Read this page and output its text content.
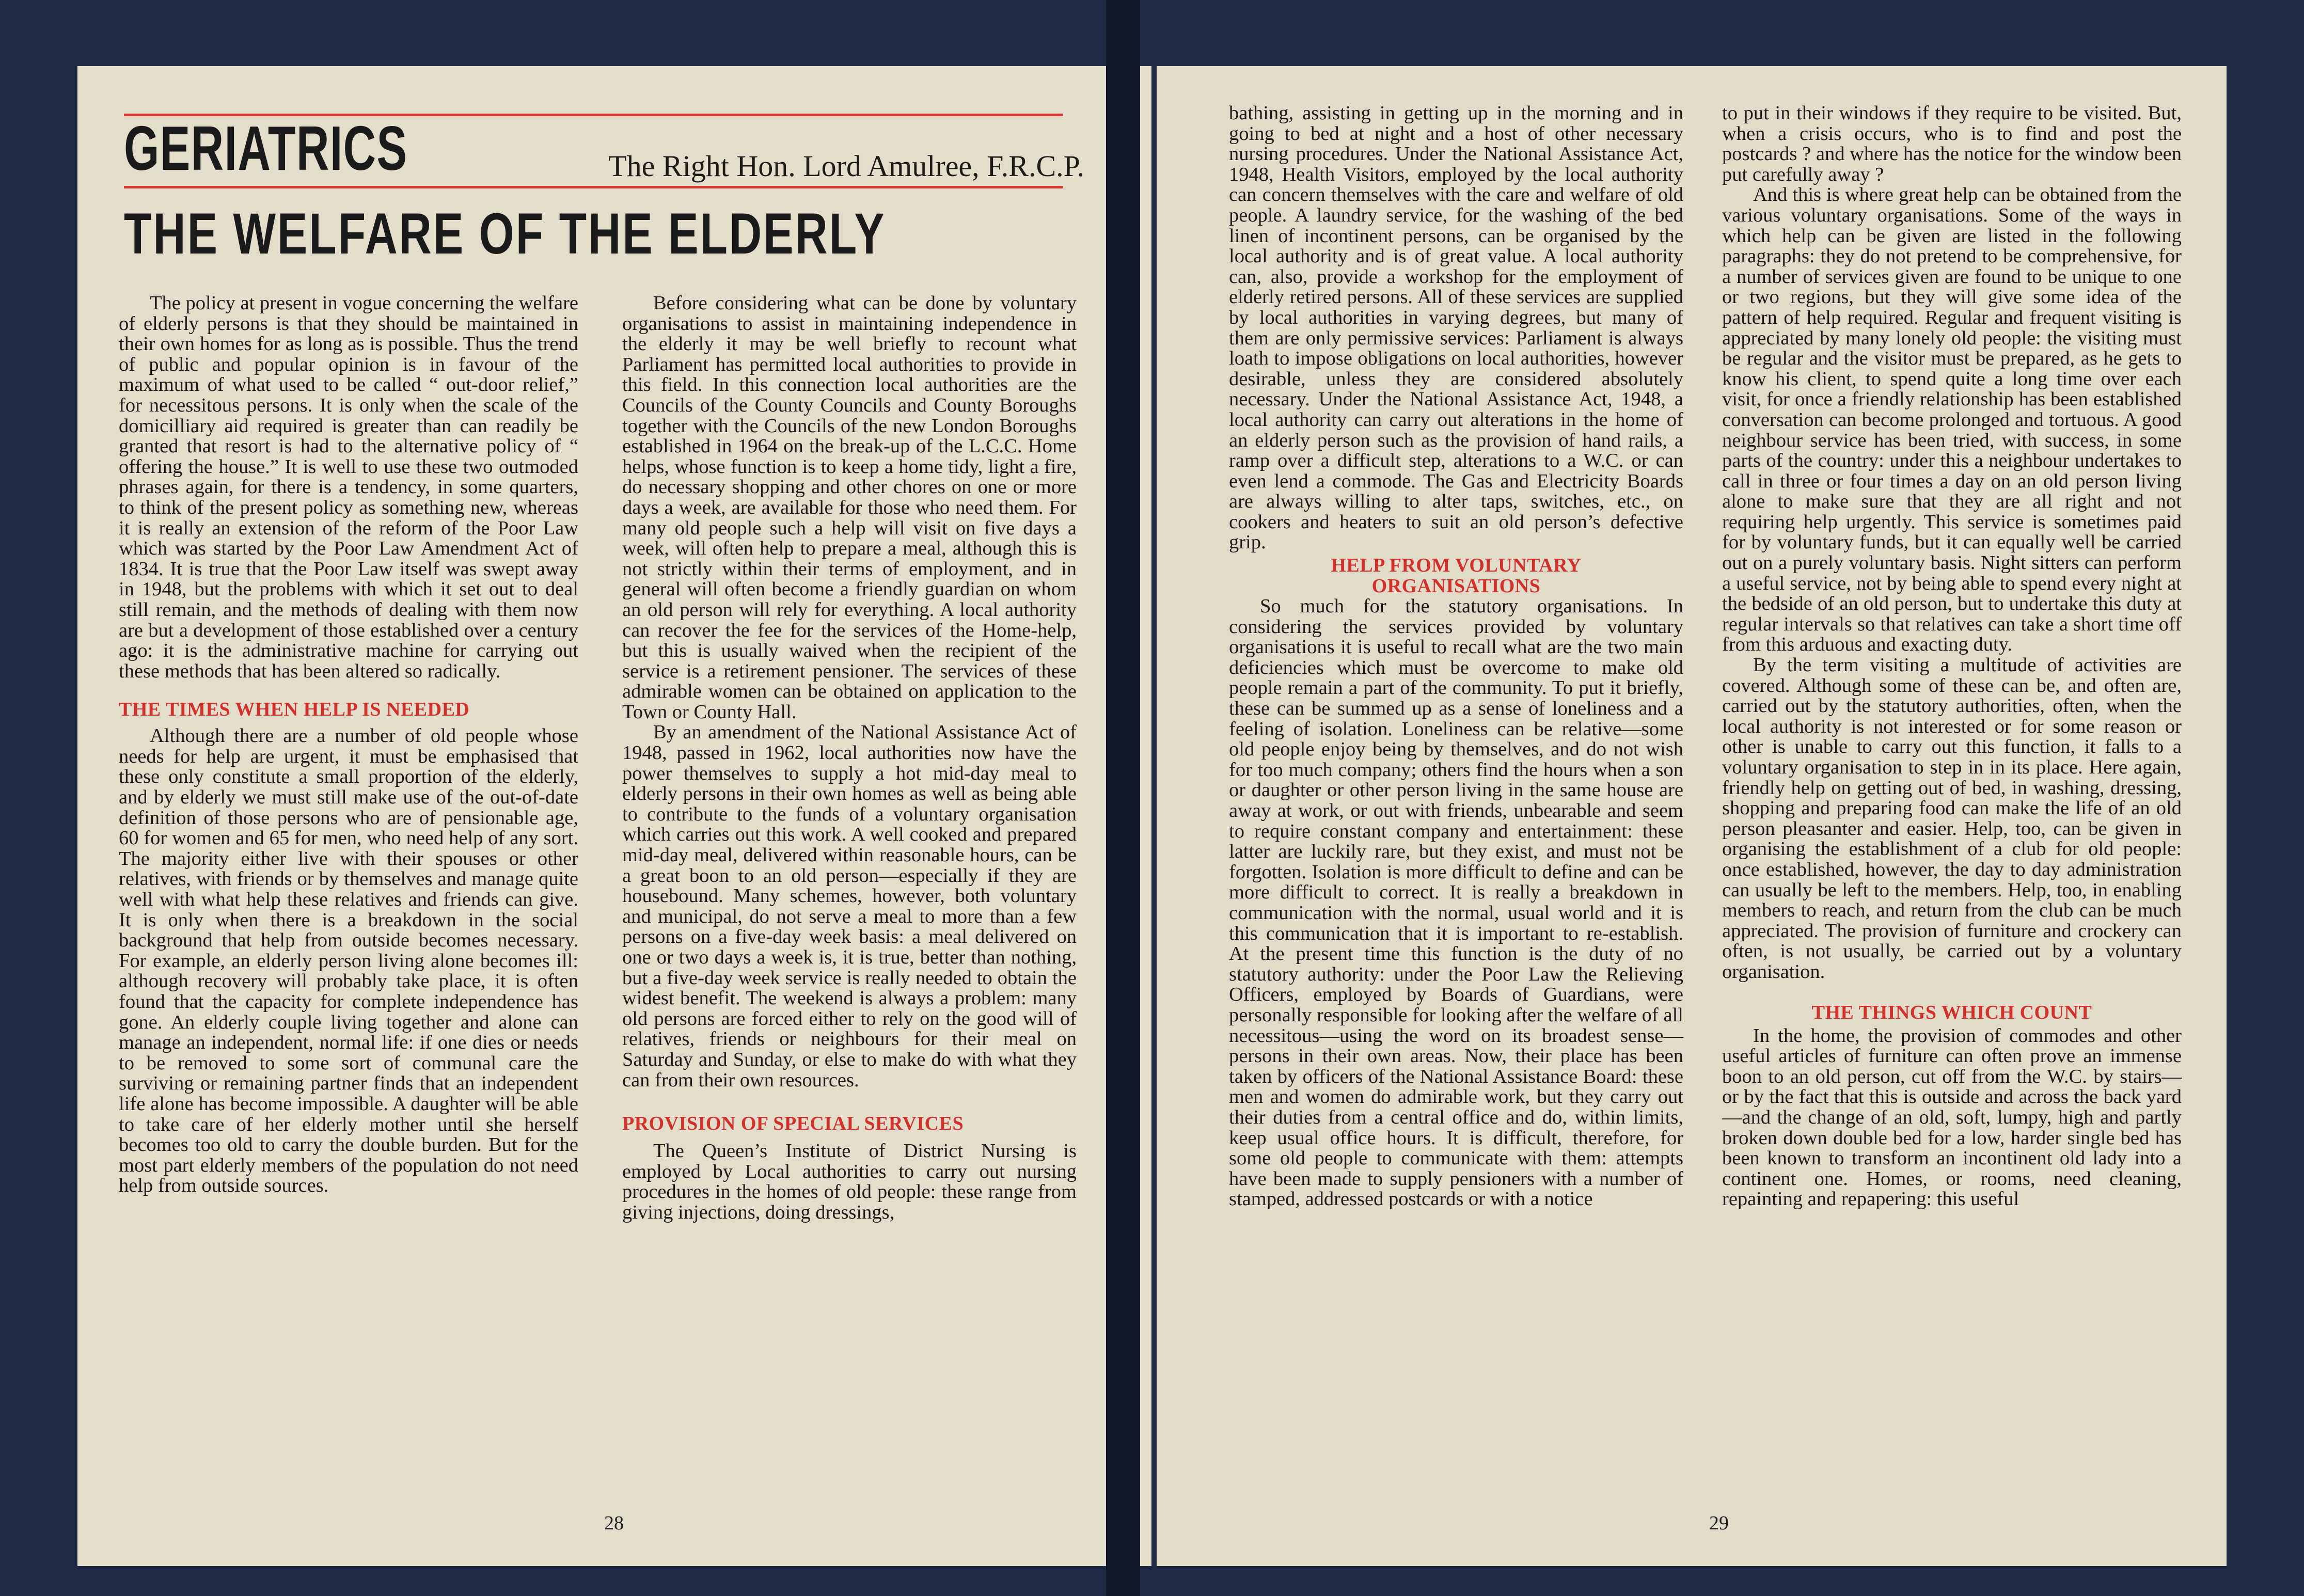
GERIATRICS	The Right Hon. Lord Amulree, F.R.C.P.
THE WELFARE OF THE ELDERLY

The policy at present in vogue concerning the welfare of elderly persons is that they should be maintained in their own homes for as long as is possible. Thus the trend of public and popular opinion is in favour of the maximum of what used to be called “ out-door relief,” for necessitous persons. It is only when the scale of the domicilliary aid required is greater than can readily be granted that resort is had to the alternative policy of “ offering the house.” It is well to use these two outmoded phrases again, for there is a tendency, in some quarters, to think of the present policy as something new, whereas it is really an extension of the reform of the Poor Law which was started by the Poor Law Amendment Act of 1834. It is true that the Poor Law itself was swept away in 1948, but the problems with which it set out to deal still remain, and the methods of dealing with them now are but a development of those established over a century ago: it is the administrative machine for carrying out these methods that has been altered so radically.

THE TIMES WHEN HELP IS NEEDED

Although there are a number of old people whose needs for help are urgent, it must be emphasised that these only constitute a small proportion of the elderly, and by elderly we must still make use of the out-of-date definition of those persons who are of pensionable age, 60 for women and 65 for men, who need help of any sort. The majority either live with their spouses or other relatives, with friends or by themselves and manage quite well with what help these relatives and friends can give. It is only when there is a breakdown in the social background that help from outside becomes necessary. For example, an elderly person living alone becomes ill: although recovery will probably take place, it is often found that the capacity for complete independence has gone. An elderly couple living together and alone can manage an independent, normal life: if one dies or needs to be removed to some sort of communal care the surviving or remaining partner finds that an independent life alone has become impossible. A daughter will be able to take care of her elderly mother until she herself becomes too old to carry the double burden. But for the most part elderly members of the population do not need help from outside sources.

Before considering what can be done by voluntary organisations to assist in maintaining independence in the elderly it may be well briefly to recount what Parliament has permitted local authorities to provide in this field. In this connection local authorities are the Councils of the County Councils and County Boroughs together with the Councils of the new London Boroughs established in 1964 on the break-up of the L.C.C. Home helps, whose function is to keep a home tidy, light a fire, do necessary shopping and other chores on one or more days a week, are available for those who need them. For many old people such a help will visit on five days a week, will often help to prepare a meal, although this is not strictly within their terms of employment, and in general will often become a friendly guardian on whom an old person will rely for everything. A local authority can recover the fee for the services of the Home-help, but this is usually waived when the recipient of the service is a retirement pensioner. The services of these admirable women can be obtained on application to the Town or County Hall.

By an amendment of the National Assistance Act of 1948, passed in 1962, local authorities now have the power themselves to supply a hot mid-day meal to elderly persons in their own homes as well as being able to contribute to the funds of a voluntary organisation which carries out this work. A well cooked and prepared mid-day meal, delivered within reasonable hours, can be a great boon to an old person—especially if they are housebound. Many schemes, however, both voluntary and municipal, do not serve a meal to more than a few persons on a five-day week basis: a meal delivered on one or two days a week is, it is true, better than nothing, but a five-day week service is really needed to obtain the widest benefit. The weekend is always a problem: many old persons are forced either to rely on the good will of relatives, friends or neighbours for their meal on Saturday and Sunday, or else to make do with what they can from their own resources.

PROVISION OF SPECIAL SERVICES

The Queen’s Institute of District Nursing is employed by Local authorities to carry out nursing procedures in the homes of old people: these range from giving injections, doing dressings,

28

bathing, assisting in getting up in the morning and in going to bed at night and a host of other necessary nursing procedures. Under the National Assistance Act, 1948, Health Visitors, employed by the local authority can concern themselves with the care and welfare of old people. A laundry service, for the washing of the bed linen of incontinent persons, can be organised by the local authority and is of great value. A local authority can, also, provide a workshop for the employment of elderly retired persons. All of these services are supplied by local authorities in varying degrees, but many of them are only permissive services: Parliament is always loath to impose obligations on local authorities, however desirable, unless they are considered absolutely necessary. Under the National Assistance Act, 1948, a local authority can carry out alterations in the home of an elderly person such as the provision of hand rails, a ramp over a difficult step, alterations to a W.C. or can even lend a commode. The Gas and Electricity Boards are always willing to alter taps, switches, etc., on cookers and heaters to suit an old person’s defective grip.

HELP FROM VOLUNTARY ORGANISATIONS

So much for the statutory organisations. In considering the services provided by voluntary organisations it is useful to recall what are the two main deficiencies which must be overcome to make old people remain a part of the community. To put it briefly, these can be summed up as a sense of loneliness and a feeling of isolation. Loneliness can be relative—some old people enjoy being by themselves, and do not wish for too much company; others find the hours when a son or daughter or other person living in the same house are away at work, or out with friends, unbearable and seem to require constant company and entertainment: these latter are luckily rare, but they exist, and must not be forgotten. Isolation is more difficult to define and can be more difficult to correct. It is really a breakdown in communication with the normal, usual world and it is this communication that it is important to re-establish. At the present time this function is the duty of no statutory authority: under the Poor Law the Relieving Officers, employed by Boards of Guardians, were personally responsible for looking after the welfare of all necessitous—using the word on its broadest sense—persons in their own areas. Now, their place has been taken by officers of the National Assistance Board: these men and women do admirable work, but they carry out their duties from a central office and do, within limits, keep usual office hours. It is difficult, therefore, for some old people to communicate with them: attempts have been made to supply pensioners with a number of stamped, addressed postcards or with a notice

to put in their windows if they require to be visited. But, when a crisis occurs, who is to find and post the postcards ? and where has the notice for the window been put carefully away ?

And this is where great help can be obtained from the various voluntary organisations. Some of the ways in which help can be given are listed in the following paragraphs: they do not pretend to be comprehensive, for a number of services given are found to be unique to one or two regions, but they will give some idea of the pattern of help required. Regular and frequent visiting is appreciated by many lonely old people: the visiting must be regular and the visitor must be prepared, as he gets to know his client, to spend quite a long time over each visit, for once a friendly relationship has been established conversation can become prolonged and tortuous. A good neighbour service has been tried, with success, in some parts of the country: under this a neighbour undertakes to call in three or four times a day on an old person living alone to make sure that they are all right and not requiring help urgently. This service is sometimes paid for by voluntary funds, but it can equally well be carried out on a purely voluntary basis. Night sitters can perform a useful service, not by being able to spend every night at the bedside of an old person, but to undertake this duty at regular intervals so that relatives can take a short time off from this arduous and exacting duty.

By the term visiting a multitude of activities are covered. Although some of these can be, and often are, carried out by the statutory authorities, often, when the local authority is not interested or for some reason or other is unable to carry out this function, it falls to a voluntary organisation to step in in its place. Here again, friendly help on getting out of bed, in washing, dressing, shopping and preparing food can make the life of an old person pleasanter and easier. Help, too, can be given in organising the establishment of a club for old people: once established, however, the day to day administration can usually be left to the members. Help, too, in enabling members to reach, and return from the club can be much appreciated. The provision of furniture and crockery can often, is not usually, be carried out by a voluntary organisation.

THE THINGS WHICH COUNT

In the home, the provision of commodes and other useful articles of furniture can often prove an immense boon to an old person, cut off from the W.C. by stairs—or by the fact that this is outside and across the back yard—and the change of an old, soft, lumpy, high and partly broken down double bed for a low, harder single bed has been known to transform an incontinent old lady into a continent one. Homes, or rooms, need cleaning, repainting and repapering: this useful

29
